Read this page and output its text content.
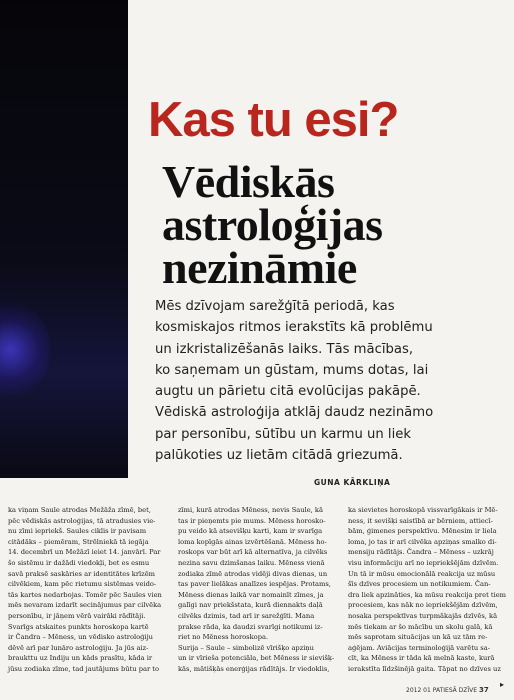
Kas tu esi?
Vēdiskās
astroloģijas
nezināmie
Mēs dzīvojam sarežģītā periodā, kas
kosmiskajos ritmos ierakstīts kā problēmu
un izkristalizēšanās laiks. Tās mācības,
ko saņemam un gūstam, mums dotas, lai
augtu un pārietu citā evolūcijas pakāpē.
Vēdiskā astroloģija atklāj daudz nezināmo
par personību, sūtību un karmu un liek
palūkoties uz lietām citādā griezumā.
GUNA KĀRKLIŅA
ka viņam Saule atrodas Mežāža zīmē, bet,
pēc vēdiskās astroloģijas, tā atradusies vie-
nu zīmi iepriekš. Saules ciklis ir pavisam
citādāks – piemēram, Strēlniekā tā iegāja
14. decembrī un Mežāzī ieiet 14. janvārī. Par
šo sistēmu ir dažādi viedokļi, bet es esmu
savā praksē saskāries ar identitātes krīzēm
cilvēkiem, kam pēc rietumu sistēmas veido-
tās kartes nedarbojas. Tomēr pēc Saules vien
mēs nevaram izdarīt secinājumus par cilvēka
personību, ir jāņem vērā vairāki rādītāji.
Svarīgs atskaites punkts horoskopa kartē
ir Čandra – Mēness, un vēdisko astroloģiju
dēvē arī par lunāro astroloģiju. Ja jūs aiz-
braukttu uz Indiju un kāds prasītu, kāda ir
jūsu zodiaka zīme, tad jautājums būtu par to
zīmi, kurā atrodas Mēness, nevis Saule, kā
tas ir pieņemts pie mums. Mēness horosko-
pu veido kā atsevišķu karti, kam ir svarīga
loma kopīgās ainas izvērtēšanā. Mēness ho-
roskops var būt arī kā alternatīva, ja cilvēks
nezina savu dzimšanas laiku. Mēness vienā
zodiaka zīmē atrodas vidēji divas dienas, un
tas paver lielākas analīzes iespējas. Protams,
Mēness dienas laikā var nomainīt zīmes, ja
galīgi nav priekšstata, kurā diennakts daļā
cilvēks dzimis, tad arī ir sarežģīti. Mana
prakse rāda, ka daudzi svarīgi notikumi iz-
riet no Mēness horoskopa.
Surija – Saule – simbolizē vīrišķo apziņu
un ir vīrieša potenciāla, bet Mēness ir sievišķ-
kās, mātišķās enerģijas rādītājs. Ir viedoklis,
ka sievietes horoskopā vissvarīgākais ir Mē-
ness, it sevišķi saistībā ar bērniem, attiecī-
bām, ģimenes perspektīvu. Mēnesim ir liela
loma, jo tas ir arī cilvēka apziņas smalko di-
mensiju rādītājs. Čandra – Mēness – uzkrāj
visu informāciju arī no iepriekšējām dzīvēm.
Un tā ir mūsu emocionālā reakcija uz mūsu
šīs dzīves procesiem un notikumiem. Čan-
dra liek apzināties, ka mūsu reakcija pret tiem
procesiem, kas nāk no iepriekšējām dzīvēm,
nosaka perspektīvas turpmākajās dzīvēs, kā
mēs tiekam ar šo mācību un skolu galā, kā
mēs saprotam situācijas un kā uz tām re-
aģējam. Aviācijas terminoloģijā varētu sa-
cīt, ka Mēness ir tāda kā melnā kaste, kurā
ierakstīta līdzšinējā gaita. Tāpat no dzīves uz
2012 01 PATIESĀ DZĪVE 37
▸
